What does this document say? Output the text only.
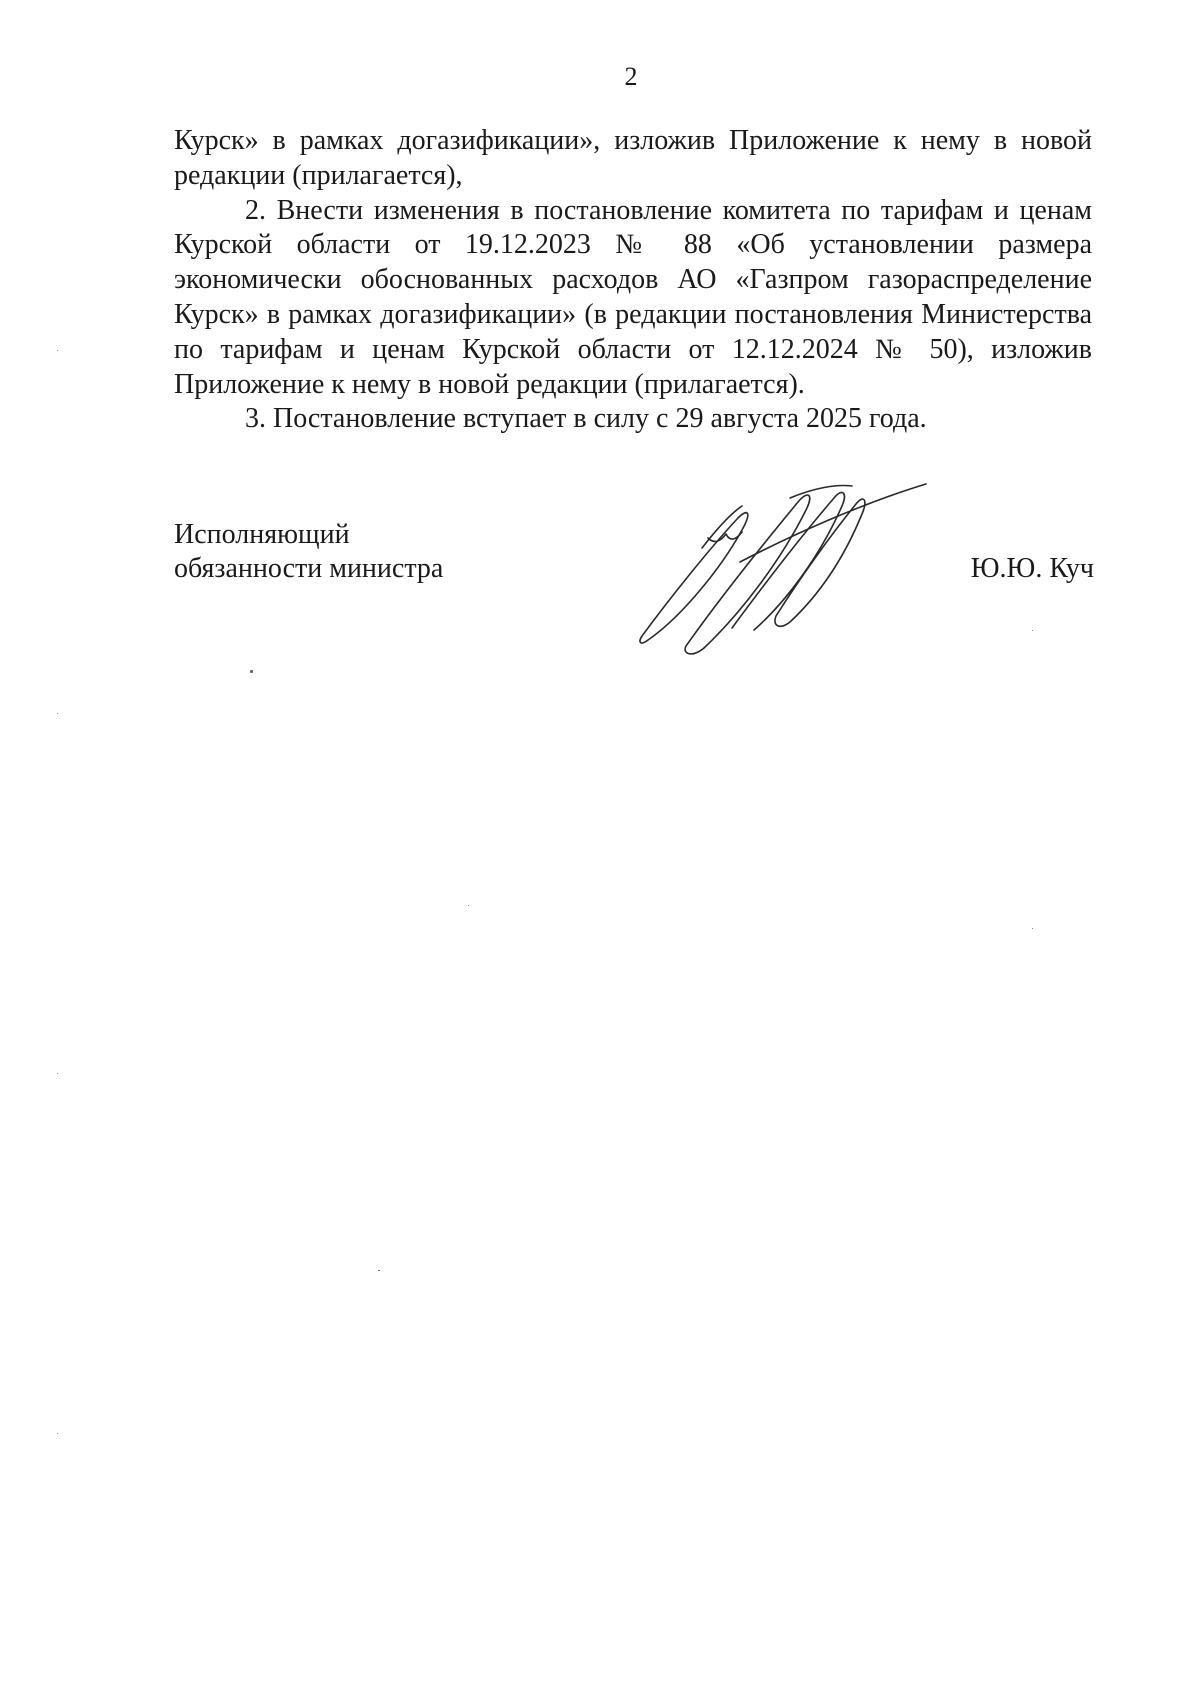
2

Курск» в рамках догазификации», изложив Приложение к нему в новой редакции (прилагается),

2. Внести изменения в постановление комитета по тарифам и ценам Курской области от 19.12.2023 № 88 «Об установлении размера экономически обоснованных расходов АО «Газпром газораспределение Курск» в рамках догазификации» (в редакции постановления Министерства по тарифам и ценам Курской области от 12.12.2024 № 50), изложив Приложение к нему в новой редакции (прилагается).

3. Постановление вступает в силу с 29 августа 2025 года.

Исполняющий
обязанности министра	Ю.Ю. Куч
